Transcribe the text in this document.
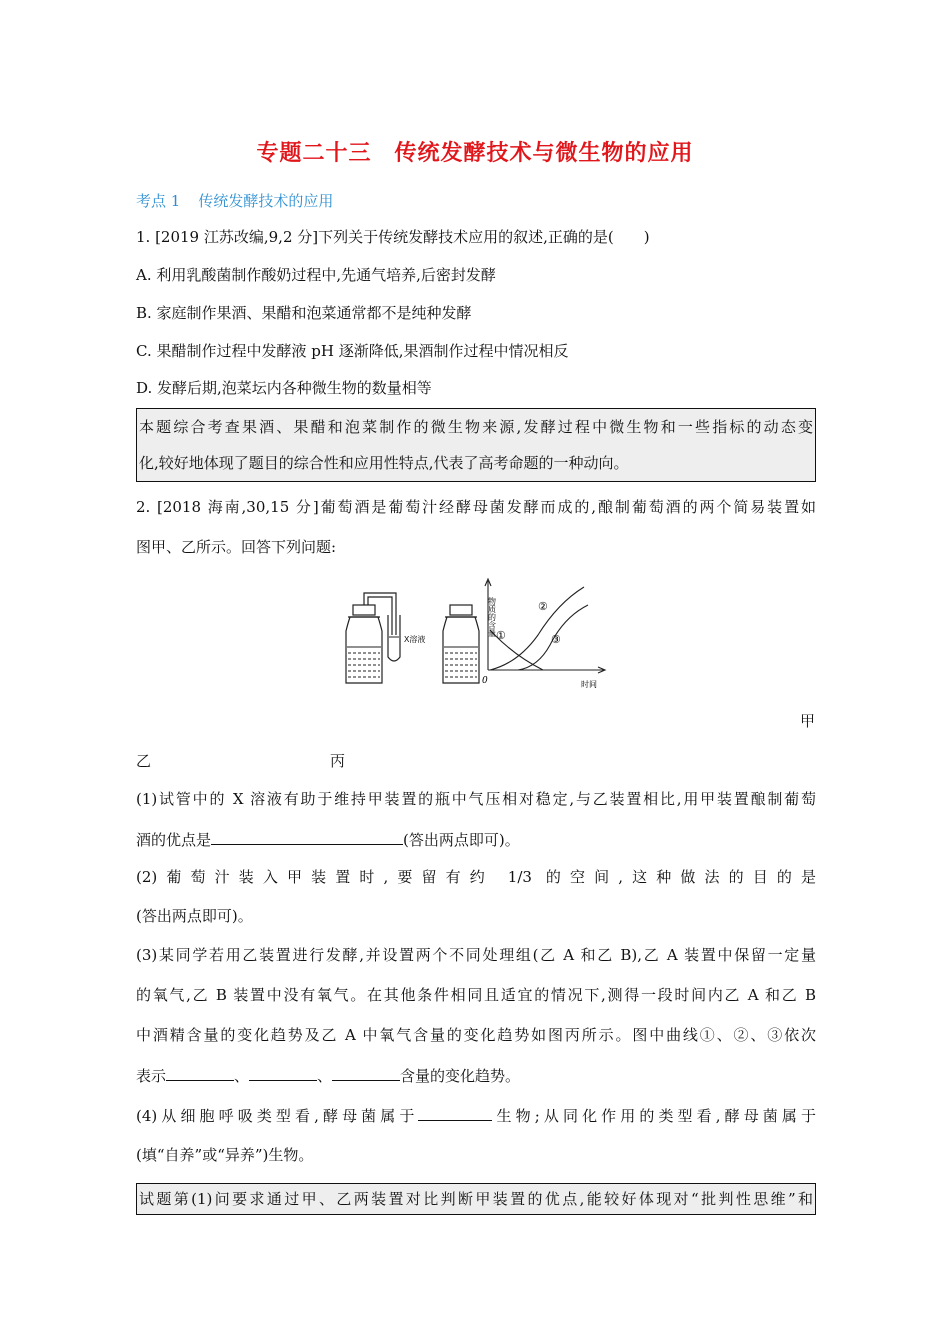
专题二十三　传统发酵技术与微生物的应用
考点 1 传统发酵技术的应用
1. [2019 江苏改编,9,2 分]下列关于传统发酵技术应用的叙述,正确的是(　　)
A. 利用乳酸菌制作酸奶过程中,先通气培养,后密封发酵
B. 家庭制作果酒、果醋和泡菜通常都不是纯种发酵
C. 果醋制作过程中发酵液 pH 逐渐降低,果酒制作过程中情况相反
D. 发酵后期,泡菜坛内各种微生物的数量相等
本题综合考查果酒、果醋和泡菜制作的微生物来源,发酵过程中微生物和一些指标的动态变
化,较好地体现了题目的综合性和应用性特点,代表了高考命题的一种动向。
2. [2018 海南,30,15 分]葡萄酒是葡萄汁经酵母菌发酵而成的,酿制葡萄酒的两个简易装置如
图甲、乙所示。回答下列问题:
X溶液
物质的含量
时间
0
①
②
③
甲
乙	丙
(1)试管中的 X 溶液有助于维持甲装置的瓶中气压相对稳定,与乙装置相比,用甲装置酿制葡萄
酒的优点是	(答出两点即可)。
(2)葡萄汁装入甲装置时,要留有约 1/3 的空间,这种做法的目的是
(答出两点即可)。
(3)某同学若用乙装置进行发酵,并设置两个不同处理组(乙 A 和乙 B),乙 A 装置中保留一定量
的氧气,乙 B 装置中没有氧气。在其他条件相同且适宜的情况下,测得一段时间内乙 A 和乙 B
中酒精含量的变化趋势及乙 A 中氧气含量的变化趋势如图丙所示。图中曲线①、②、③依次
表示	、	、	含量的变化趋势。
(4)从细胞呼吸类型看,酵母菌属于	生物;从同化作用的类型看,酵母菌属于
(填“自养”或“异养”)生物。
试题第(1)问要求通过甲、乙两装置对比判断甲装置的优点,能较好体现对“批判性思维”和
